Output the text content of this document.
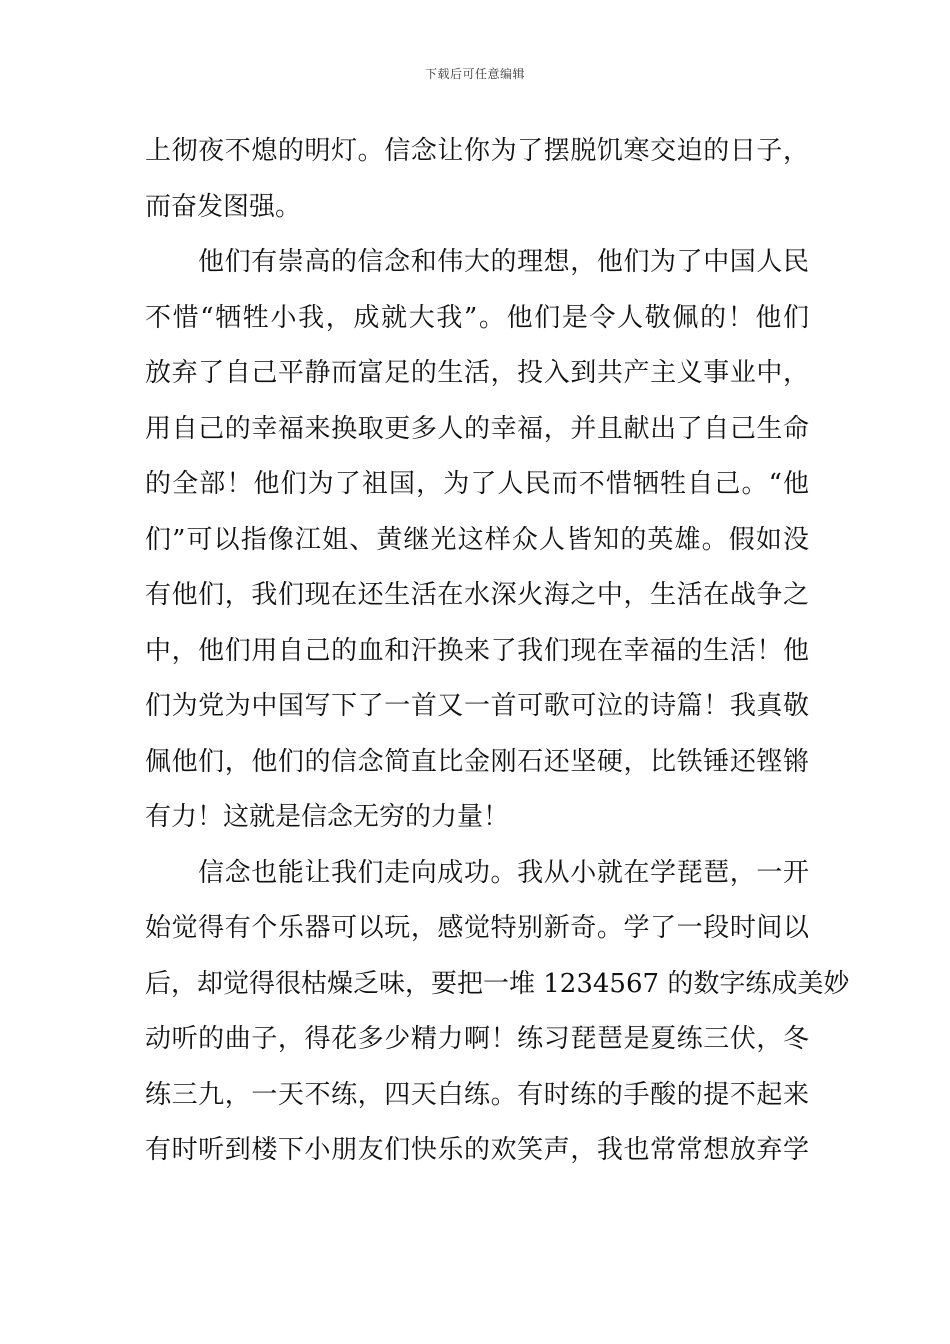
下载后可任意编辑
上彻夜不熄的明灯。信念让你为了摆脱饥寒交迫的日子，
而奋发图强。
他们有崇高的信念和伟大的理想，他们为了中国人民
不惜“牺牲小我，成就大我”。他们是令人敬佩的！他们
放弃了自己平静而富足的生活，投入到共产主义事业中，
用自己的幸福来换取更多人的幸福，并且献出了自己生命
的全部！他们为了祖国，为了人民而不惜牺牲自己。“他
们”可以指像江姐、黄继光这样众人皆知的英雄。假如没
有他们，我们现在还生活在水深火海之中，生活在战争之
中，他们用自己的血和汗换来了我们现在幸福的生活！他
们为党为中国写下了一首又一首可歌可泣的诗篇！我真敬
佩他们，他们的信念简直比金刚石还坚硬，比铁锤还铿锵
有力！这就是信念无穷的力量！
信念也能让我们走向成功。我从小就在学琵琶，一开
始觉得有个乐器可以玩，感觉特别新奇。学了一段时间以
后，却觉得很枯燥乏味，要把一堆 1234567 的数字练成美妙
动听的曲子，得花多少精力啊！练习琵琶是夏练三伏，冬
练三九，一天不练，四天白练。有时练的手酸的提不起来
有时听到楼下小朋友们快乐的欢笑声，我也常常想放弃学
